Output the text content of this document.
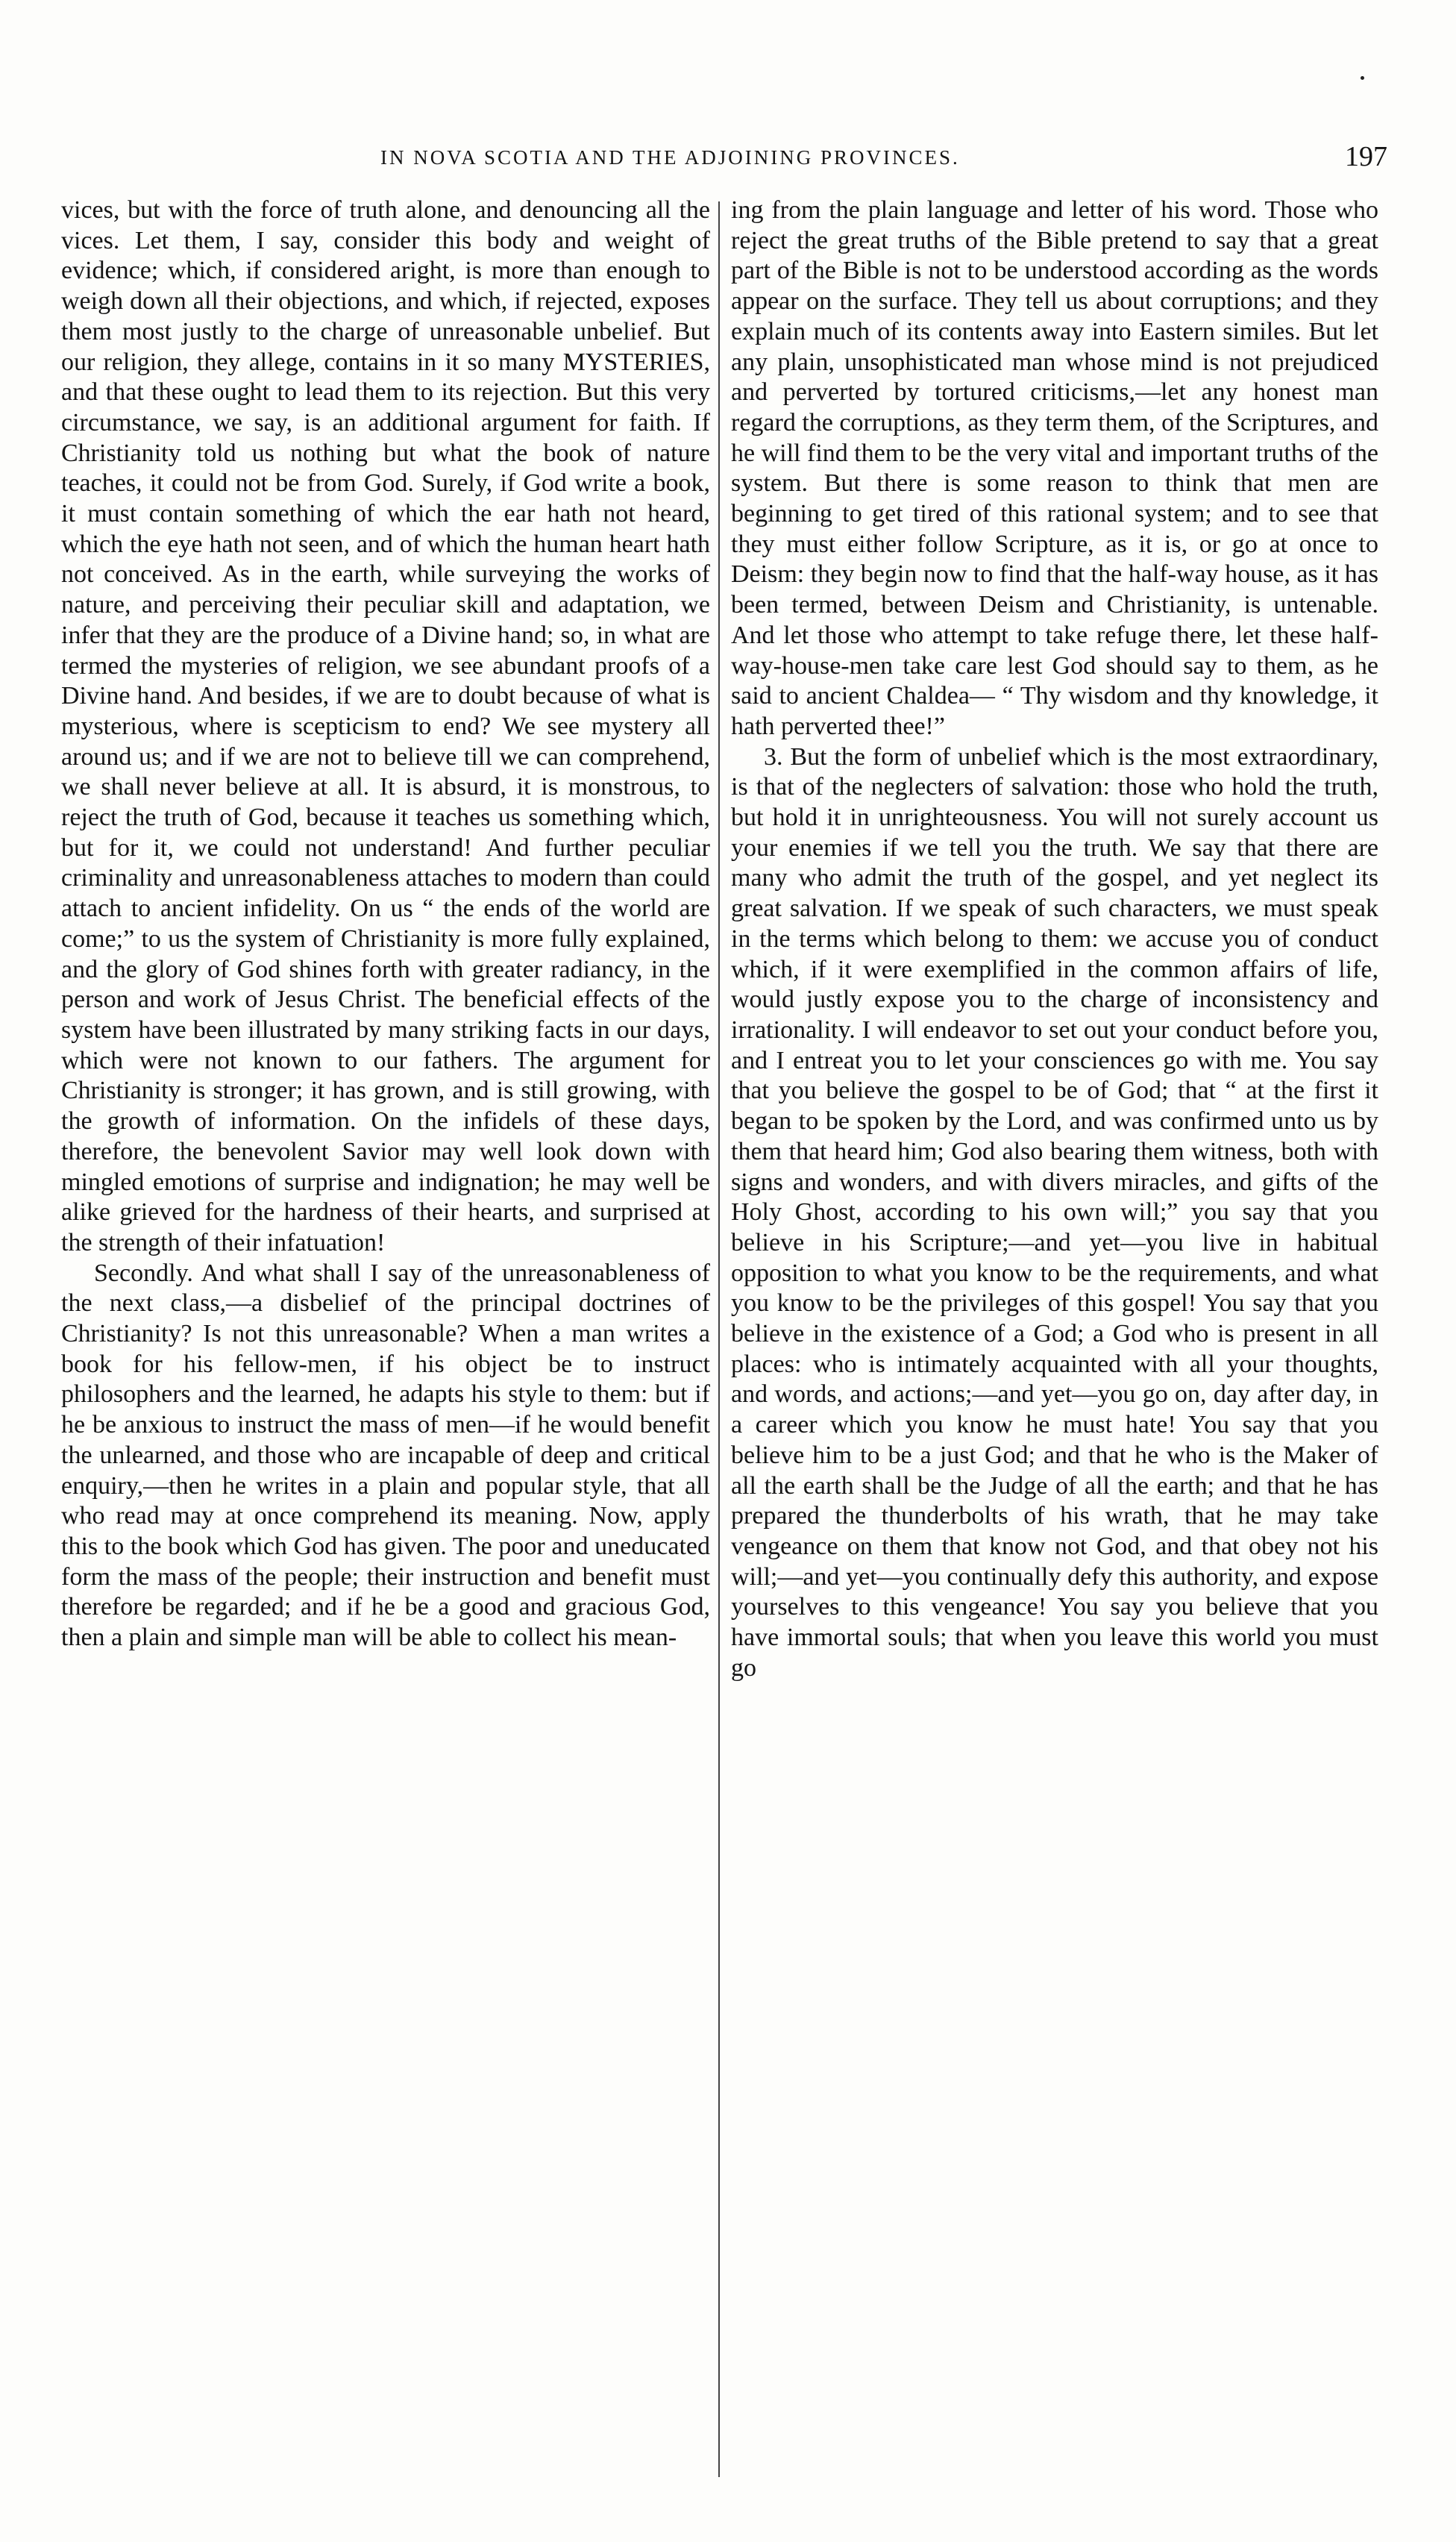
IN NOVA SCOTIA AND THE ADJOINING PROVINCES.	197

vices, but with the force of truth alone, and denouncing all the vices. Let them, I say, consider this body and weight of evidence; which, if considered aright, is more than enough to weigh down all their objections, and which, if rejected, exposes them most justly to the charge of unreasonable unbelief. But our religion, they allege, contains in it so many MYSTERIES, and that these ought to lead them to its rejection. But this very circumstance, we say, is an additional argument for faith. If Christianity told us nothing but what the book of nature teaches, it could not be from God. Surely, if God write a book, it must contain something of which the ear hath not heard, which the eye hath not seen, and of which the human heart hath not conceived. As in the earth, while surveying the works of nature, and perceiving their peculiar skill and adaptation, we infer that they are the produce of a Divine hand; so, in what are termed the mysteries of religion, we see abundant proofs of a Divine hand. And besides, if we are to doubt because of what is mysterious, where is scepticism to end? We see mystery all around us; and if we are not to believe till we can comprehend, we shall never believe at all. It is absurd, it is monstrous, to reject the truth of God, because it teaches us something which, but for it, we could not understand! And further peculiar criminality and unreasonableness attaches to modern than could attach to ancient infidelity. On us “ the ends of the world are come;” to us the system of Christianity is more fully explained, and the glory of God shines forth with greater radiancy, in the person and work of Jesus Christ. The beneficial effects of the system have been illustrated by many striking facts in our days, which were not known to our fathers. The argument for Christianity is stronger; it has grown, and is still growing, with the growth of information. On the infidels of these days, therefore, the benevolent Savior may well look down with mingled emotions of surprise and indignation; he may well be alike grieved for the hardness of their hearts, and surprised at the strength of their infatuation!

Secondly. And what shall I say of the unreasonableness of the next class,—a disbelief of the principal doctrines of Christianity? Is not this unreasonable? When a man writes a book for his fellow-men, if his object be to instruct philosophers and the learned, he adapts his style to them: but if he be anxious to instruct the mass of men—if he would benefit the unlearned, and those who are incapable of deep and critical enquiry,—then he writes in a plain and popular style, that all who read may at once comprehend its meaning. Now, apply this to the book which God has given. The poor and uneducated form the mass of the people; their instruction and benefit must therefore be regarded; and if he be a good and gracious God, then a plain and simple man will be able to collect his mean-

ing from the plain language and letter of his word. Those who reject the great truths of the Bible pretend to say that a great part of the Bible is not to be understood according as the words appear on the surface. They tell us about corruptions; and they explain much of its contents away into Eastern similes. But let any plain, unsophisticated man whose mind is not prejudiced and perverted by tortured criticisms,—let any honest man regard the corruptions, as they term them, of the Scriptures, and he will find them to be the very vital and important truths of the system. But there is some reason to think that men are beginning to get tired of this rational system; and to see that they must either follow Scripture, as it is, or go at once to Deism: they begin now to find that the half-way house, as it has been termed, between Deism and Christianity, is untenable. And let those who attempt to take refuge there, let these half-way-house-men take care lest God should say to them, as he said to ancient Chaldea— “ Thy wisdom and thy knowledge, it hath perverted thee!”

3. But the form of unbelief which is the most extraordinary, is that of the neglecters of salvation: those who hold the truth, but hold it in unrighteousness. You will not surely account us your enemies if we tell you the truth. We say that there are many who admit the truth of the gospel, and yet neglect its great salvation. If we speak of such characters, we must speak in the terms which belong to them: we accuse you of conduct which, if it were exemplified in the common affairs of life, would justly expose you to the charge of inconsistency and irrationality. I will endeavor to set out your conduct before you, and I entreat you to let your consciences go with me. You say that you believe the gospel to be of God; that “ at the first it began to be spoken by the Lord, and was confirmed unto us by them that heard him; God also bearing them witness, both with signs and wonders, and with divers miracles, and gifts of the Holy Ghost, according to his own will;” you say that you believe in his Scripture;—and yet—you live in habitual opposition to what you know to be the requirements, and what you know to be the privileges of this gospel! You say that you believe in the existence of a God; a God who is present in all places: who is intimately acquainted with all your thoughts, and words, and actions;—and yet—you go on, day after day, in a career which you know he must hate! You say that you believe him to be a just God; and that he who is the Maker of all the earth shall be the Judge of all the earth; and that he has prepared the thunderbolts of his wrath, that he may take vengeance on them that know not God, and that obey not his will;—and yet—you continually defy this authority, and expose yourselves to this vengeance! You say you believe that you have immortal souls; that when you leave this world you must go
